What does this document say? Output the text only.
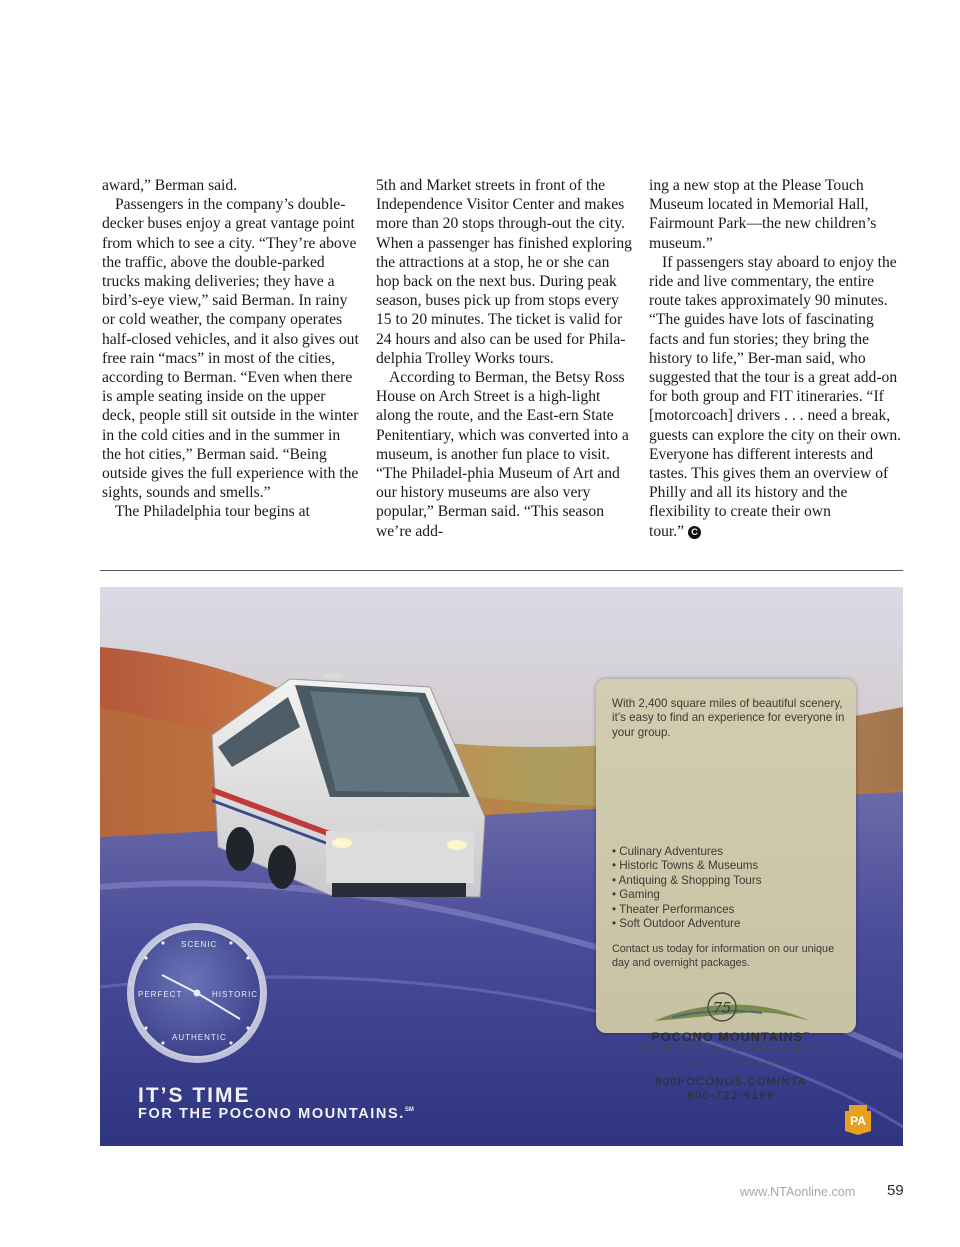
award,” Berman said.

Passengers in the company’s double-decker buses enjoy a great vantage point from which to see a city. “They’re above the traffic, above the double-parked trucks making deliveries; they have a bird’s-eye view,” said Berman. In rainy or cold weather, the company operates half-closed vehicles, and it also gives out free rain “macs” in most of the cities, according to Berman. “Even when there is ample seating inside on the upper deck, people still sit outside in the winter in the cold cities and in the summer in the hot cities,” Berman said. “Being outside gives the full experience with the sights, sounds and smells.”

The Philadelphia tour begins at

5th and Market streets in front of the Independence Visitor Center and makes more than 20 stops through-out the city. When a passenger has finished exploring the attractions at a stop, he or she can hop back on the next bus. During peak season, buses pick up from stops every 15 to 20 minutes. The ticket is valid for 24 hours and also can be used for Phila-delphia Trolley Works tours.

According to Berman, the Betsy Ross House on Arch Street is a high-light along the route, and the East-ern State Penitentiary, which was converted into a museum, is another fun place to visit. “The Philadel-phia Museum of Art and our history museums are also very popular,” Berman said. “This season we’re add-

ing a new stop at the Please Touch Museum located in Memorial Hall, Fairmount Park—the new children’s museum.”

If passengers stay aboard to enjoy the ride and live commentary, the entire route takes approximately 90 minutes. “The guides have lots of fascinating facts and fun stories; they bring the history to life,” Ber-man said, who suggested that the tour is a great add-on for both group and FIT itineraries. “If [motorcoach] drivers . . . need a break, guests can explore the city on their own. Everyone has different interests and tastes. This gives them an overview of Philly and all its history and the flexibility to create their own

tour.” C

M587
SCENIC
PERFECT	HISTORIC
AUTHENTIC
IT’S TIME
FOR THE POCONO MOUNTAINS.℠
PA
With 2,400 square miles of beautiful scenery, it’s easy to find an experience for everyone in your group.
• Culinary Adventures
• Historic Towns & Museums
• Antiquing & Shopping Tours
• Gaming
• Theater Performances
• Soft Outdoor Adventure
Contact us today for information on our unique day and overnight packages.
75
POCONO MOUNTAINS™
CONVENTION & VISITORS BUREAU
——— EST. 1934 ———
800POCONOS.COM/NTA
800-722-9199
www.NTAonline.com 59
